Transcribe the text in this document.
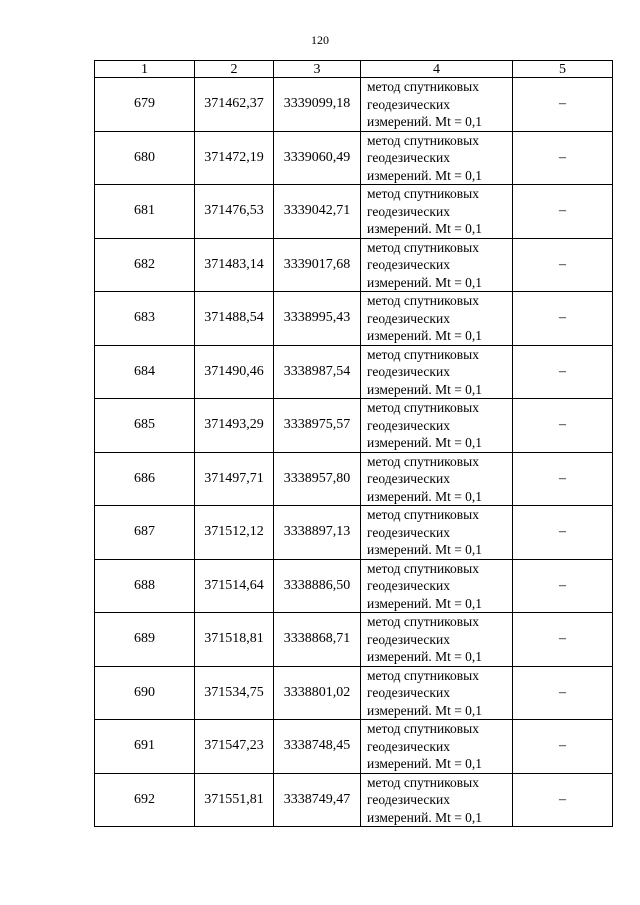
120
1	2	3	4	5
679	371462,37	3339099,18	метод спутниковых
геодезических
измерений. Mt = 0,1	–
680	371472,19	3339060,49	метод спутниковых
геодезических
измерений. Mt = 0,1	–
681	371476,53	3339042,71	метод спутниковых
геодезических
измерений. Mt = 0,1	–
682	371483,14	3339017,68	метод спутниковых
геодезических
измерений. Mt = 0,1	–
683	371488,54	3338995,43	метод спутниковых
геодезических
измерений. Mt = 0,1	–
684	371490,46	3338987,54	метод спутниковых
геодезических
измерений. Mt = 0,1	–
685	371493,29	3338975,57	метод спутниковых
геодезических
измерений. Mt = 0,1	–
686	371497,71	3338957,80	метод спутниковых
геодезических
измерений. Mt = 0,1	–
687	371512,12	3338897,13	метод спутниковых
геодезических
измерений. Mt = 0,1	–
688	371514,64	3338886,50	метод спутниковых
геодезических
измерений. Mt = 0,1	–
689	371518,81	3338868,71	метод спутниковых
геодезических
измерений. Mt = 0,1	–
690	371534,75	3338801,02	метод спутниковых
геодезических
измерений. Mt = 0,1	–
691	371547,23	3338748,45	метод спутниковых
геодезических
измерений. Mt = 0,1	–
692	371551,81	3338749,47	метод спутниковых
геодезических
измерений. Mt = 0,1	–
